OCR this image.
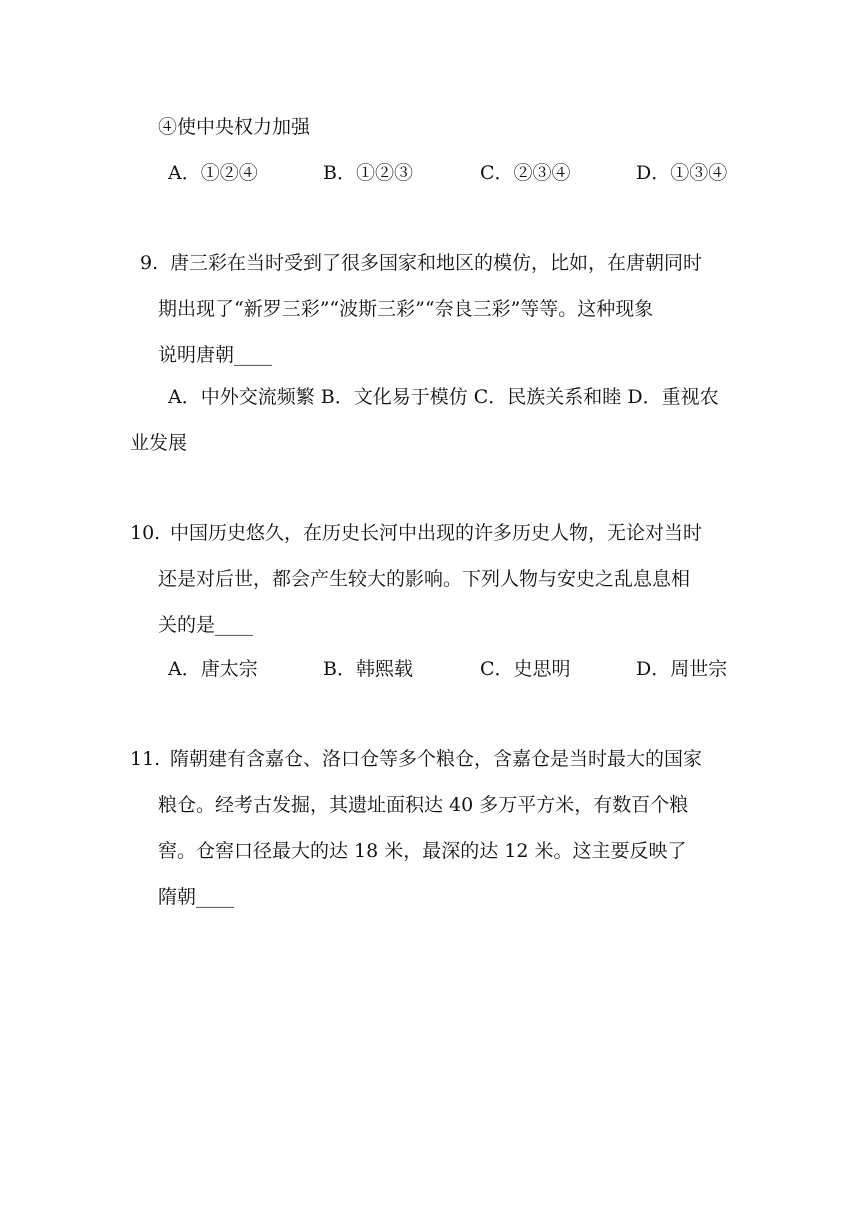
④使中央权力加强
A．①②④	B．①②③	C．②③④	D．①③④
9. 唐三彩在当时受到了很多国家和地区的模仿，比如，在唐朝同时
期出现了“新罗三彩”“波斯三彩”“奈良三彩”等等。这种现象
说明唐朝____
A．中外交流频繁 B．文化易于模仿 C．民族关系和睦 D．重视农
业发展
10. 中国历史悠久，在历史长河中出现的许多历史人物，无论对当时
还是对后世，都会产生较大的影响。下列人物与安史之乱息息相
关的是____
A．唐太宗	B．韩熙载	C．史思明	D．周世宗
11. 隋朝建有含嘉仓、洛口仓等多个粮仓，含嘉仓是当时最大的国家
粮仓。经考古发掘，其遗址面积达 40 多万平方米，有数百个粮
窖。仓窖口径最大的达 18 米，最深的达 12 米。这主要反映了
隋朝____
